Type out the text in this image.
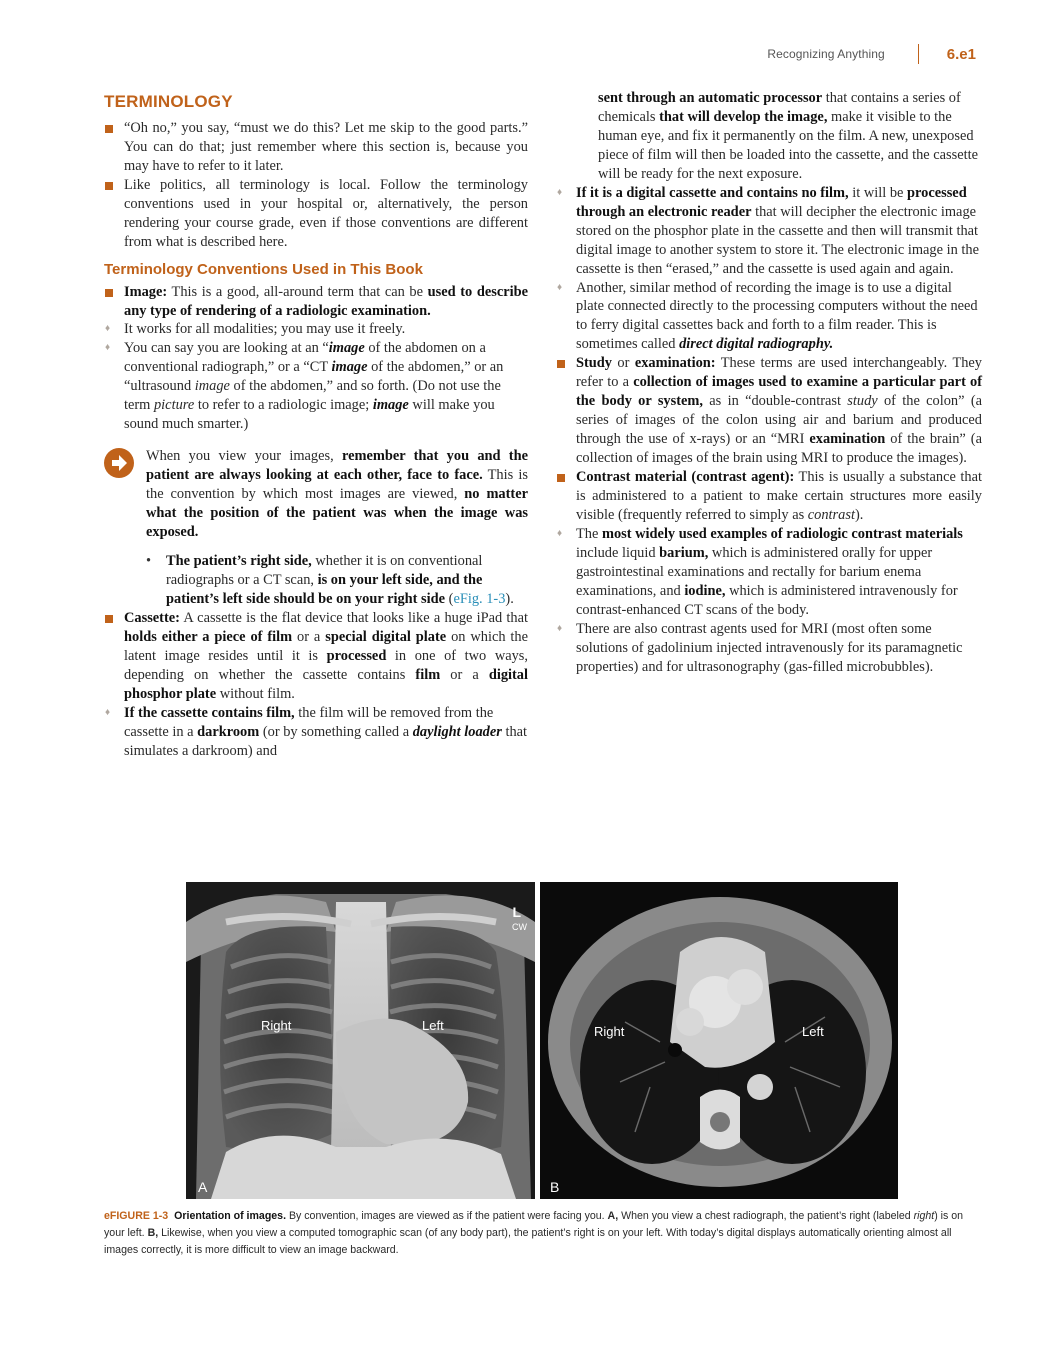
Recognizing Anything	6.e1
TERMINOLOGY

“Oh no,” you say, “must we do this? Let me skip to the good parts.” You can do that; just remember where this section is, because you may have to refer to it later.

Like politics, all terminology is local. Follow the terminology conventions used in your hospital or, alternatively, the person rendering your course grade, even if those conventions are different from what is described here.

Terminology Conventions Used in This Book

Image: This is a good, all-around term that can be used to describe any type of rendering of a radiologic examination.

♦ It works for all modalities; you may use it freely.

♦ You can say you are looking at an “image of the abdomen on a conventional radiograph,” or a “CT image of the abdomen,” or an “ultrasound image of the abdomen,” and so forth. (Do not use the term picture to refer to a radiologic image; image will make you sound much smarter.)

When you view your images, remember that you and the patient are always looking at each other, face to face. This is the convention by which most images are viewed, no matter what the position of the patient was when the image was exposed.

• The patient’s right side, whether it is on conventional radiographs or a CT scan, is on your left side, and the patient’s left side should be on your right side (eFig. 1-3).

Cassette: A cassette is the flat device that looks like a huge iPad that holds either a piece of film or a special digital plate on which the latent image resides until it is processed in one of two ways, depending on whether the cassette contains film or a digital phosphor plate without film.

♦ If the cassette contains film, the film will be removed from the cassette in a darkroom (or by something called a daylight loader that simulates a darkroom) and

sent through an automatic processor that contains a series of chemicals that will develop the image, make it visible to the human eye, and fix it permanently on the film. A new, unexposed piece of film will then be loaded into the cassette, and the cassette will be ready for the next exposure.

♦ If it is a digital cassette and contains no film, it will be processed through an electronic reader that will decipher the electronic image stored on the phosphor plate in the cassette and then will transmit that digital image to another system to store it. The electronic image in the cassette is then “erased,” and the cassette is used again and again.

♦ Another, similar method of recording the image is to use a digital plate connected directly to the processing computers without the need to ferry digital cassettes back and forth to a film reader. This is sometimes called direct digital radiography.

Study or examination: These terms are used interchangeably. They refer to a collection of images used to examine a particular part of the body or system, as in “double-contrast study of the colon” (a series of images of the colon using air and barium and produced through the use of x-rays) or an “MRI examination of the brain” (a collection of images of the brain using MRI to produce the images).

Contrast material (contrast agent): This is usually a substance that is administered to a patient to make certain structures more easily visible (frequently referred to simply as contrast).

♦ The most widely used examples of radiologic contrast materials include liquid barium, which is administered orally for upper gastrointestinal examinations and rectally for barium enema examinations, and iodine, which is administered intravenously for contrast-enhanced CT scans of the body.

♦ There are also contrast agents used for MRI (most often some solutions of gadolinium injected intravenously for its paramagnetic properties) and for ultrasonography (gas-filled microbubbles).

Right	Left
L
CW
A
Right	Left
B
eFIGURE 1-3 Orientation of images. By convention, images are viewed as if the patient were facing you. A, When you view a chest radiograph, the patient’s right (labeled right) is on your left. B, Likewise, when you view a computed tomographic scan (of any body part), the patient’s right is on your left. With today’s digital displays automatically orienting almost all images correctly, it is more difficult to view an image backward.
